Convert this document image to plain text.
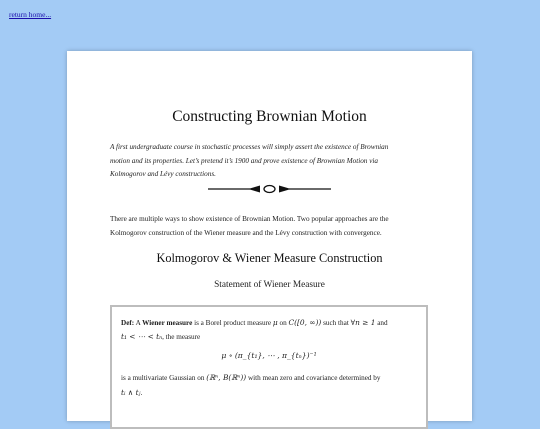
return home...
Constructing Brownian Motion
A first undergraduate course in stochastic processes will simply assert the existence of Brownian
motion and its properties. Let’s pretend it’s 1900 and prove existence of Brownian Motion via
Kolmogorov and Lévy constructions.
There are multiple ways to show existence of Brownian Motion. Two popular approaches are the
Kolmogorov construction of the Wiener measure and the Lévy construction with convergence.
Kolmogorov & Wiener Measure Construction
Statement of Wiener Measure
Def: A Wiener measure is a Borel product measure μ on C([0, ∞)) such that ∀n ≥ 1 and
t₁ < ⋯ < tₙ, the measure
μ ∘ (π_{t₁}, ⋯ , π_{tₙ})⁻¹
is a multivariate Gaussian on (ℝⁿ, B(ℝⁿ)) with mean zero and covariance determined by
tᵢ ∧ tⱼ.
